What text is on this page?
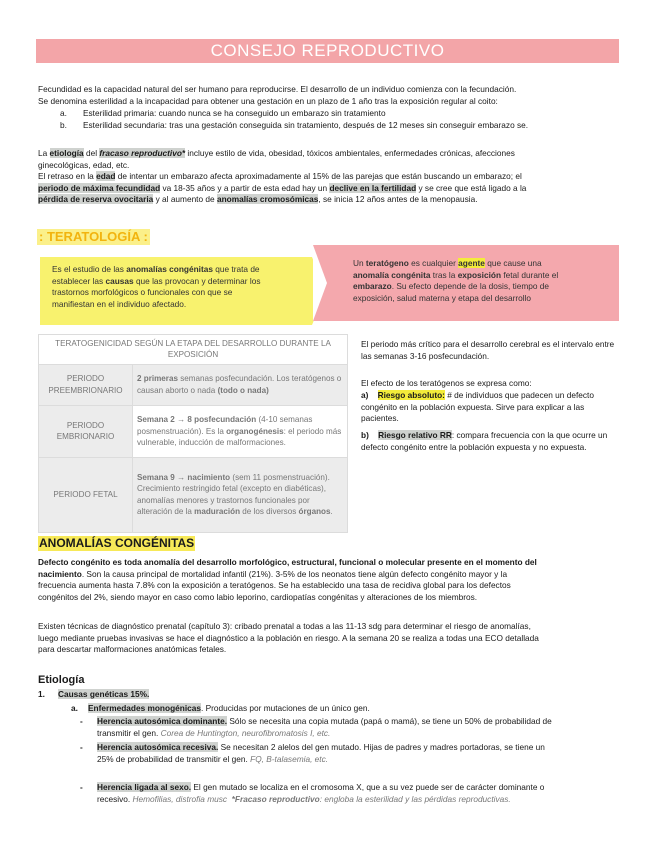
CONSEJO REPRODUCTIVO
Fecundidad es la capacidad natural del ser humano para reproducirse. El desarrollo de un individuo comienza con la fecundación.
Se denomina esterilidad a la incapacidad para obtener una gestación en un plazo de 1 año tras la exposición regular al coito:
a. Esterilidad primaria: cuando nunca se ha conseguido un embarazo sin tratamiento
b. Esterilidad secundaria: tras una gestación conseguida sin tratamiento, después de 12 meses sin conseguir embarazo se.
La etiología del fracaso reproductivo* incluye estilo de vida, obesidad, tóxicos ambientales, enfermedades crónicas, afecciones
ginecológicas, edad, etc.
El retraso en la edad de intentar un embarazo afecta aproximadamente al 15% de las parejas que están buscando un embarazo; el
periodo de máxima fecundidad va 18-35 años y a partir de esta edad hay un declive en la fertilidad y se cree que está ligado a la
pérdida de reserva ovocitaria y al aumento de anomalías cromosómicas, se inicia 12 años antes de la menopausia.
: TERATOLOGÍA :
Es el estudio de las anomalías congénitas que trata de
establecer las causas que las provocan y determinar los
trastornos morfológicos o funcionales con que se
manifiestan en el individuo afectado.
Un teratógeno es cualquier agente que cause una
anomalía congénita tras la exposición fetal durante el
embarazo. Su efecto depende de la dosis, tiempo de
exposición, salud materna y etapa del desarrollo
TERATOGENICIDAD SEGÚN LA ETAPA DEL DESARROLLO DURANTE LA EXPOSICIÓN	
PERIODO PREEMBRIONARIO	2 primeras semanas posfecundación. Los teratógenos o causan aborto o nada (todo o nada)
PERIODO EMBRIONARIO	Semana 2 → 8 posfecundación (4-10 semanas posmenstruación). Es la organogénesis: el periodo más vulnerable, inducción de malformaciones.
PERIODO FETAL	Semana 9 → nacimiento (sem 11 posmenstruación). Crecimiento restringido fetal (excepto en diabéticas), anomalías menores y trastornos funcionales por alteración de la maduración de los diversos órganos.
El periodo más crítico para el desarrollo cerebral es el intervalo entre las semanas 3-16 posfecundación.
El efecto de los teratógenos se expresa como:
a) Riesgo absoluto: # de individuos que padecen un defecto congénito en la población expuesta. Sirve para explicar a las pacientes.
b) Riesgo relativo RR: compara frecuencia con la que ocurre un defecto congénito entre la población expuesta y no expuesta.
ANOMALÍAS CONGÉNITAS
Defecto congénito es toda anomalía del desarrollo morfológico, estructural, funcional o molecular presente en el momento del
nacimiento. Son la causa principal de mortalidad infantil (21%). 3-5% de los neonatos tiene algún defecto congénito mayor y la
frecuencia aumenta hasta 7.8% con la exposición a teratógenos. Se ha establecido una tasa de recidiva global para los defectos
congénitos del 2%, siendo mayor en caso como labio leporino, cardiopatías congénitas y alteraciones de los miembros.
Existen técnicas de diagnóstico prenatal (capítulo 3): cribado prenatal a todas a las 11-13 sdg para determinar el riesgo de anomalías,
luego mediante pruebas invasivas se hace el diagnóstico a la población en riesgo. A la semana 20 se realiza a todas una ECO detallada
para descartar malformaciones anatómicas fetales.
Etiología
1. Causas genéticas 15%.
a. Enfermedades monogénicas. Producidas por mutaciones de un único gen.
- Herencia autosómica dominante. Sólo se necesita una copia mutada (papá o mamá), se tiene un 50% de probabilidad de
transmitir el gen. Corea de Huntington, neurofibromatosis I, etc.
- Herencia autosómica recesiva. Se necesitan 2 alelos del gen mutado. Hijas de padres y madres portadoras, se tiene un
25% de probabilidad de transmitir el gen. FQ, B-talasemia, etc.
- Herencia ligada al sexo. El gen mutado se localiza en el cromosoma X, que a su vez puede ser de carácter dominante o
recesivo. Hemofilias, distrofia musc *Fracaso reproductivo: engloba la esterilidad y las pérdidas reproductivas.
